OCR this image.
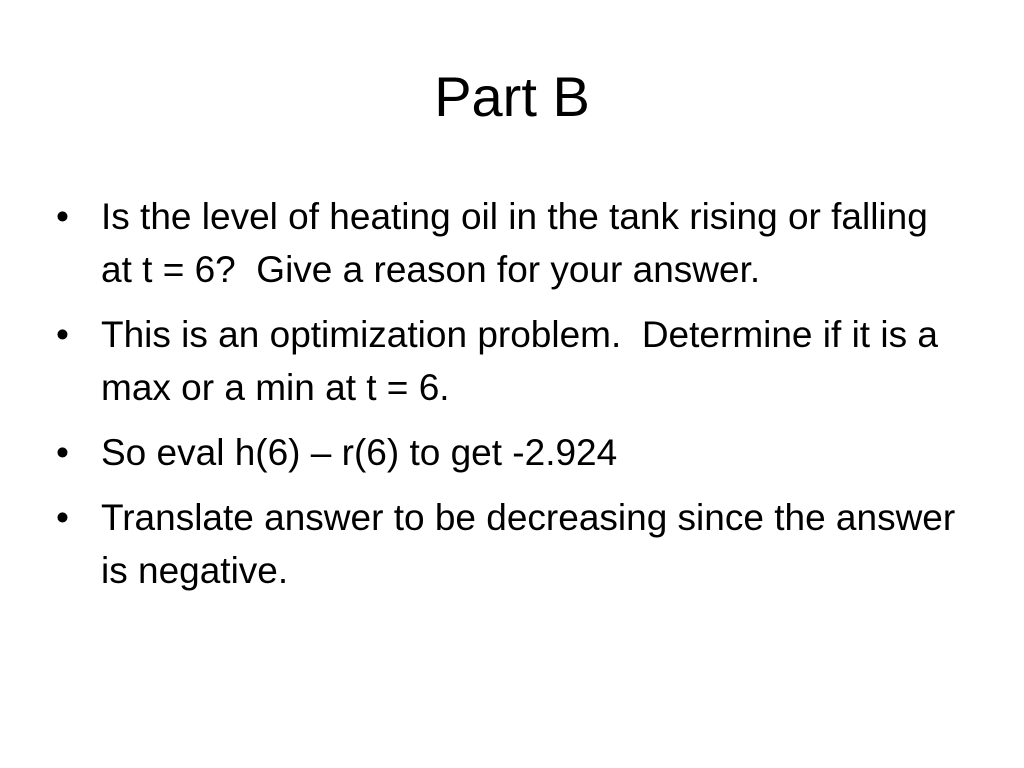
Part B
• Is the level of heating oil in the tank rising or falling at t = 6?  Give a reason for your answer.
• This is an optimization problem.  Determine if it is a max or a min at t = 6.
• So eval h(6) – r(6) to get -2.924
• Translate answer to be decreasing since the answer is negative.
